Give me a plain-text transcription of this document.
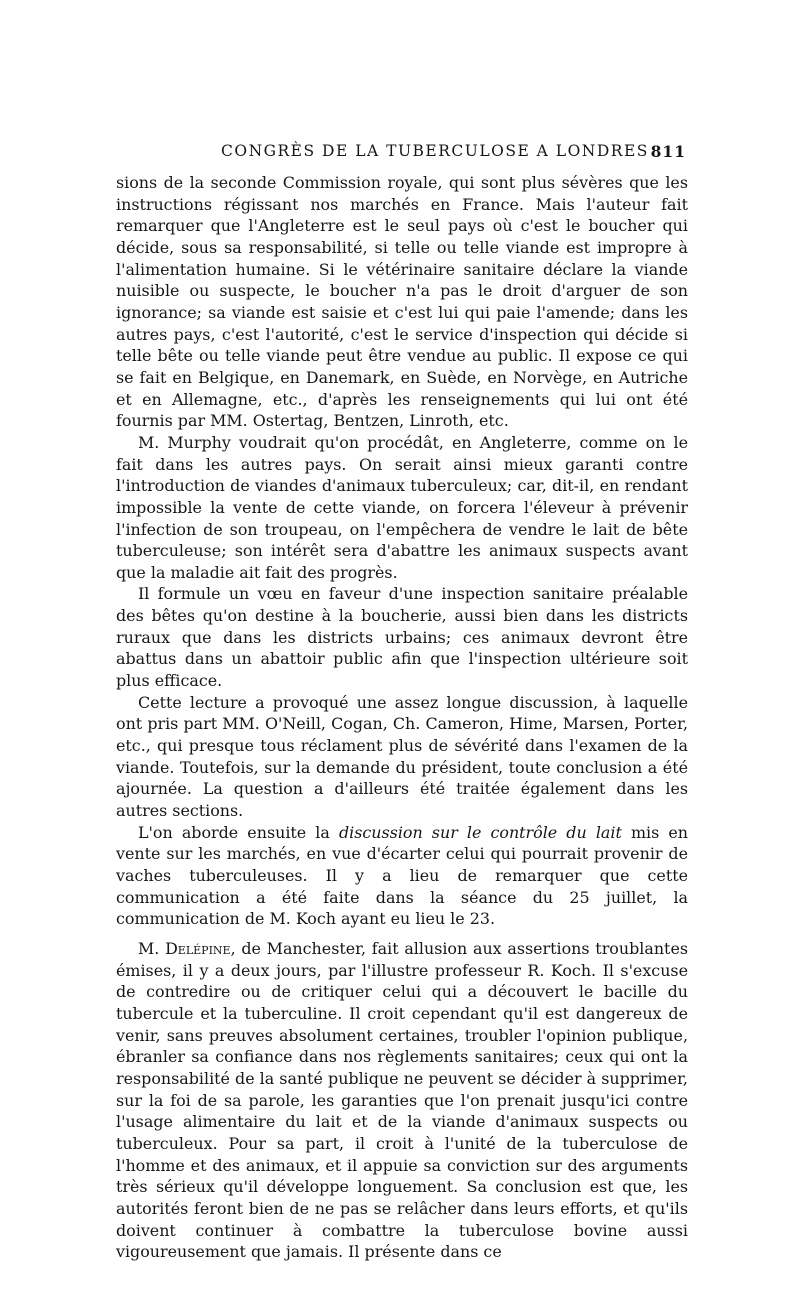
CONGRÈS DE LA TUBERCULOSE A LONDRES 811

sions de la seconde Commission royale, qui sont plus sévères que les instructions régissant nos marchés en France. Mais l'auteur fait remarquer que l'Angleterre est le seul pays où c'est le boucher qui décide, sous sa responsabilité, si telle ou telle viande est impropre à l'alimentation humaine. Si le vétérinaire sanitaire déclare la viande nuisible ou suspecte, le boucher n'a pas le droit d'arguer de son ignorance; sa viande est saisie et c'est lui qui paie l'amende; dans les autres pays, c'est l'autorité, c'est le service d'inspection qui décide si telle bête ou telle viande peut être vendue au public. Il expose ce qui se fait en Belgique, en Danemark, en Suède, en Norvège, en Autriche et en Allemagne, etc., d'après les renseignements qui lui ont été fournis par MM. Ostertag, Bentzen, Linroth, etc.

M. Murphy voudrait qu'on procédât, en Angleterre, comme on le fait dans les autres pays. On serait ainsi mieux garanti contre l'introduction de viandes d'animaux tuberculeux; car, dit-il, en rendant impossible la vente de cette viande, on forcera l'éleveur à prévenir l'infection de son troupeau, on l'empêchera de vendre le lait de bête tuberculeuse; son intérêt sera d'abattre les animaux suspects avant que la maladie ait fait des progrès.

Il formule un vœu en faveur d'une inspection sanitaire préalable des bêtes qu'on destine à la boucherie, aussi bien dans les districts ruraux que dans les districts urbains; ces animaux devront être abattus dans un abattoir public afin que l'inspection ultérieure soit plus efficace.

Cette lecture a provoqué une assez longue discussion, à laquelle ont pris part MM. O'Neill, Cogan, Ch. Cameron, Hime, Marsen, Porter, etc., qui presque tous réclament plus de sévérité dans l'examen de la viande. Toutefois, sur la demande du président, toute conclusion a été ajournée. La question a d'ailleurs été traitée également dans les autres sections.

L'on aborde ensuite la discussion sur le contrôle du lait mis en vente sur les marchés, en vue d'écarter celui qui pourrait provenir de vaches tuberculeuses. Il y a lieu de remarquer que cette communication a été faite dans la séance du 25 juillet, la communication de M. Koch ayant eu lieu le 23.

M. Delépine, de Manchester, fait allusion aux assertions troublantes émises, il y a deux jours, par l'illustre professeur R. Koch. Il s'excuse de contredire ou de critiquer celui qui a découvert le bacille du tubercule et la tuberculine. Il croit cependant qu'il est dangereux de venir, sans preuves absolument certaines, troubler l'opinion publique, ébranler sa confiance dans nos règlements sanitaires; ceux qui ont la responsabilité de la santé publique ne peuvent se décider à supprimer, sur la foi de sa parole, les garanties que l'on prenait jusqu'ici contre l'usage alimentaire du lait et de la viande d'animaux suspects ou tuberculeux. Pour sa part, il croit à l'unité de la tuberculose de l'homme et des animaux, et il appuie sa conviction sur des arguments très sérieux qu'il développe longuement. Sa conclusion est que, les autorités feront bien de ne pas se relâcher dans leurs efforts, et qu'ils doivent continuer à combattre la tuberculose bovine aussi vigoureusement que jamais. Il présente dans ce
